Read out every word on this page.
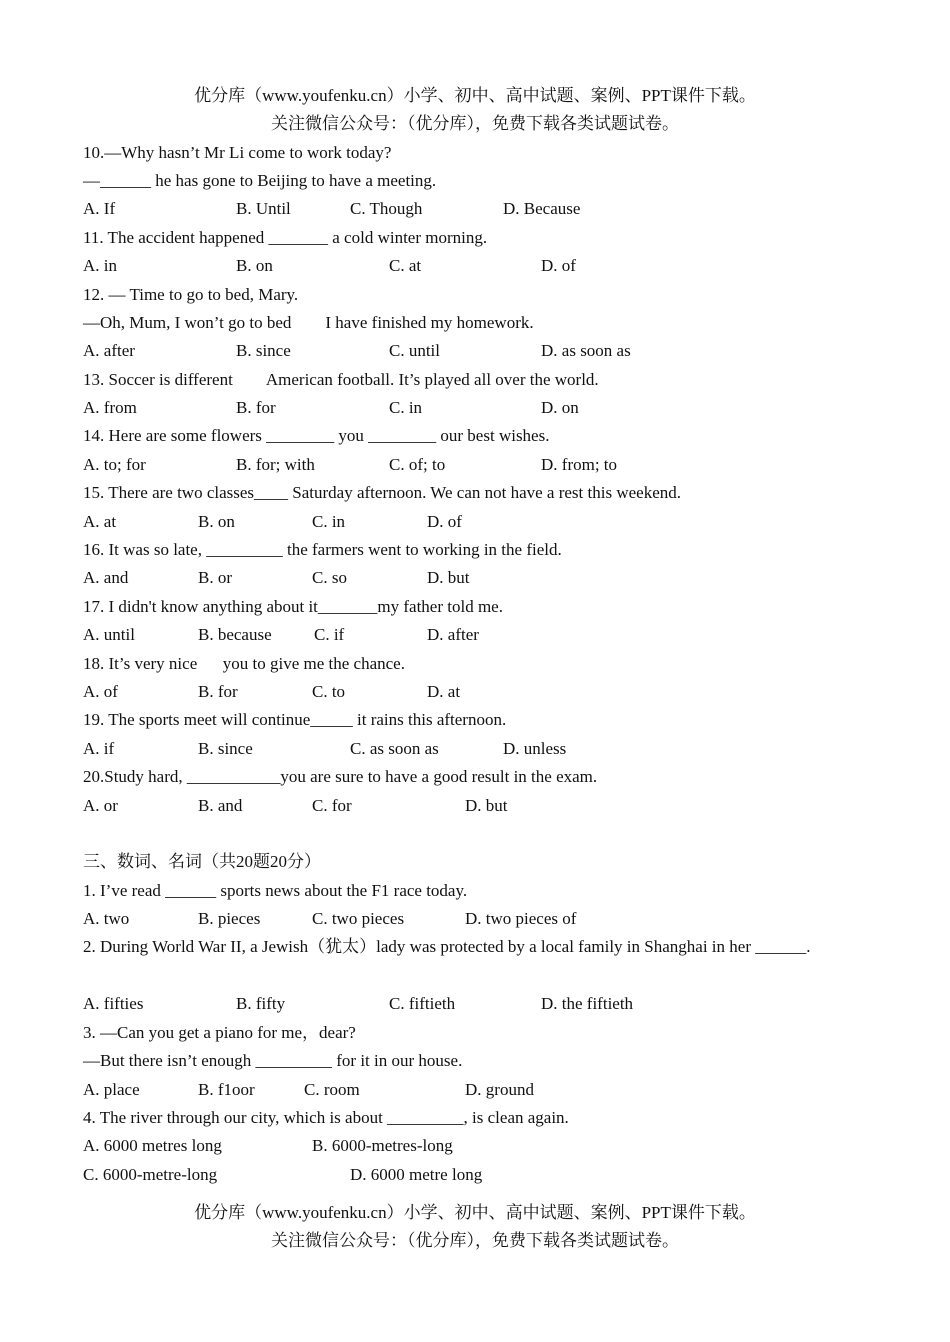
优分库（www.youfenku.cn）小学、初中、高中试题、案例、PPT课件下载。
关注微信公众号：（优分库），免费下载各类试题试卷。
10.—Why hasn’t Mr Li come to work today?
—______ he has gone to Beijing to have a meeting.
A. If	B. Until	C. Though	D. Because
11. The accident happened _______ a cold winter morning.
A. in	B. on	C. at	D. of
12. — Time to go to bed, Mary.
—Oh, Mum, I won’t go to bed        I have finished my homework.
A. after	B. since	C. until	D. as soon as
13. Soccer is different        American football. It’s played all over the world.
A. from	B. for	C. in	D. on
14. Here are some flowers ________ you ________ our best wishes.
A. to; for	B. for; with	C. of; to	D. from; to
15. There are two classes____ Saturday afternoon. We can not have a rest this weekend.
A. at	B. on	C. in	D. of
16. It was so late, _________ the farmers went to working in the field.
A. and	B. or	C. so	D. but
17. I didn't know anything about it_______my father told me.
A. until	B. because C. if	D. after
18. It’s very nice      you to give me the chance.
A. of	B. for	C. to	D. at
19. The sports meet will continue_____ it rains this afternoon.
A. if	B. since	C. as soon as	D. unless
20.Study hard, ___________you are sure to have a good result in the exam.
A. or	B. and	C. for	D. but
三、数词、名词（共20题20分）
1. I’ve read ______ sports news about the F1 race today.
A. two	B. pieces	C. two pieces	D. two pieces of
2. During World War II, a Jewish（犹太）lady was protected by a local family in Shanghai in her ______.
A. fifties	B. fifty	C. fiftieth	D. the fiftieth
3. —Can you get a piano for me，dear?
—But there isn’t enough _________ for it in our house.
A. place	B. f1oor	C. room	D. ground
4. The river through our city, which is about _________, is clean again.
A. 6000 metres long	B. 6000-metres-long
C. 6000-metre-long	D. 6000 metre long
优分库（www.youfenku.cn）小学、初中、高中试题、案例、PPT课件下载。
关注微信公众号：（优分库），免费下载各类试题试卷。
